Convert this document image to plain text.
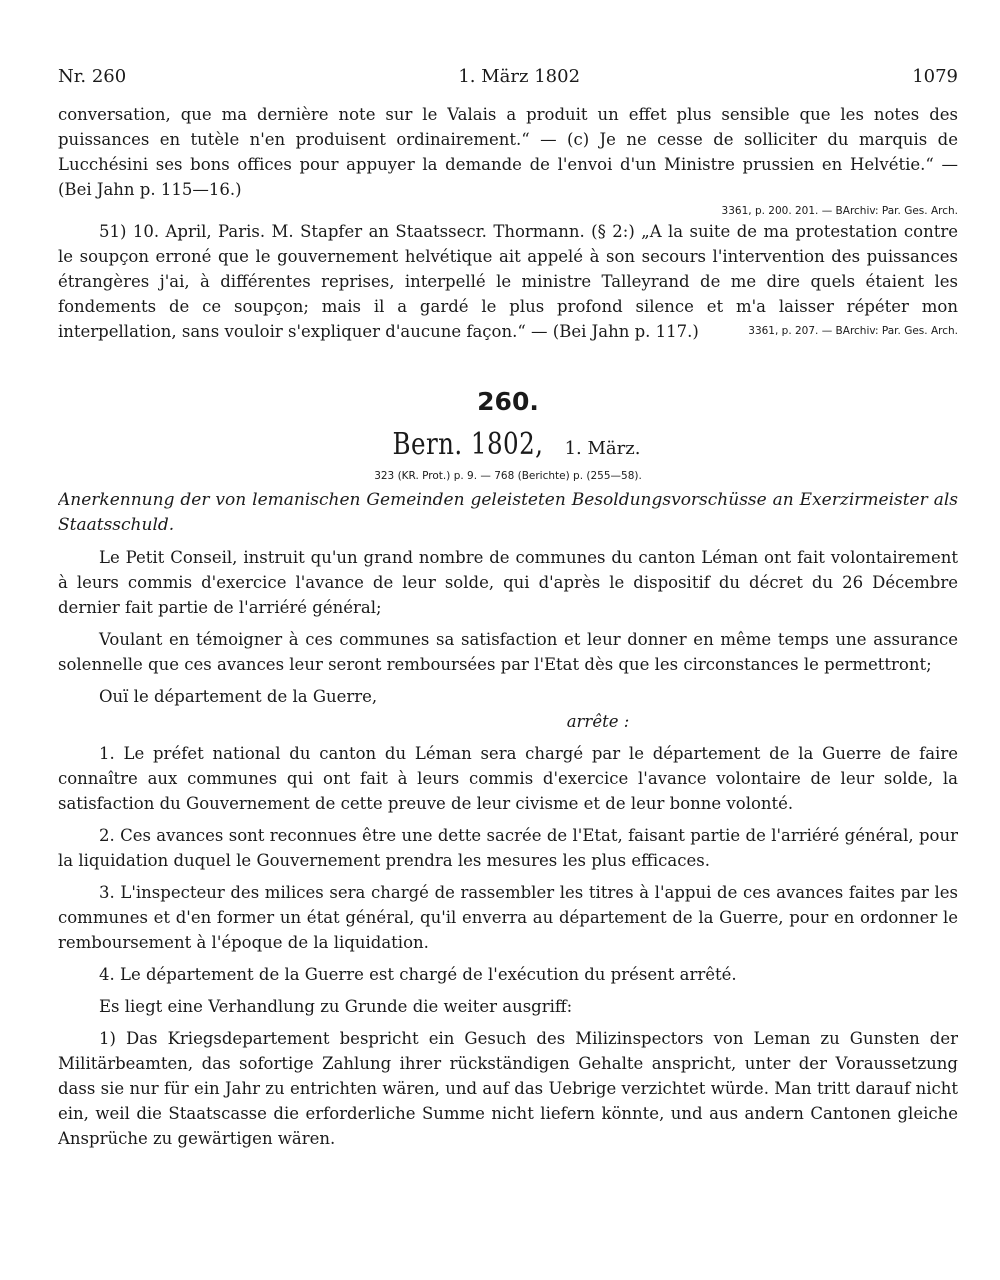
Nr. 260	1. März 1802	1079

conversation, que ma dernière note sur le Valais a produit un effet plus sensible que les notes des puissances en tutèle n'en produisent ordinairement.“ — (c) Je ne cesse de solliciter du marquis de Lucchésini ses bons offices pour appuyer la demande de l'envoi d'un Ministre prussien en Helvétie.“ — (Bei Jahn p. 115—16.)

3361, p. 200. 201. — BArchiv: Par. Ges. Arch.

51) 10. April, Paris. M. Stapfer an Staatssecr. Thormann. (§ 2:) „A la suite de ma protestation contre le soupçon erroné que le gouvernement helvétique ait appelé à son secours l'intervention des puissances étrangères j'ai, à différentes reprises, interpellé le ministre Talleyrand de me dire quels étaient les fondements de ce soupçon; mais il a gardé le plus profond silence et m'a laisser répéter mon interpellation, sans vouloir s'expliquer d'aucune façon.“ — (Bei Jahn p. 117.)	3361, p. 207. — BArchiv: Par. Ges. Arch.

260.
Bern. 1802, 1. März.
323 (KR. Prot.) p. 9. — 768 (Berichte) p. (255—58).
Anerkennung der von lemanischen Gemeinden geleisteten Besoldungsvorschüsse an Exerzirmeister als Staatsschuld.

Le Petit Conseil, instruit qu'un grand nombre de communes du canton Léman ont fait volontairement à leurs commis d'exercice l'avance de leur solde, qui d'après le dispositif du décret du 26 Décembre dernier fait partie de l'arriéré général;

Voulant en témoigner à ces communes sa satisfaction et leur donner en même temps une assurance solennelle que ces avances leur seront remboursées par l'Etat dès que les circonstances le permettront;

Ouï le département de la Guerre,

arrête :

1. Le préfet national du canton du Léman sera chargé par le département de la Guerre de faire connaître aux communes qui ont fait à leurs commis d'exercice l'avance volontaire de leur solde, la satisfaction du Gouvernement de cette preuve de leur civisme et de leur bonne volonté.

2. Ces avances sont reconnues être une dette sacrée de l'Etat, faisant partie de l'arriéré général, pour la liquidation duquel le Gouvernement prendra les mesures les plus efficaces.

3. L'inspecteur des milices sera chargé de rassembler les titres à l'appui de ces avances faites par les communes et d'en former un état général, qu'il enverra au département de la Guerre, pour en ordonner le remboursement à l'époque de la liquidation.

4. Le département de la Guerre est chargé de l'exécution du présent arrêté.

Es liegt eine Verhandlung zu Grunde die weiter ausgriff:

1) Das Kriegsdepartement bespricht ein Gesuch des Milizinspectors von Leman zu Gunsten der Militärbeamten, das sofortige Zahlung ihrer rückständigen Gehalte anspricht, unter der Voraussetzung dass sie nur für ein Jahr zu entrichten wären, und auf das Uebrige verzichtet würde. Man tritt darauf nicht ein, weil die Staatscasse die erforderliche Summe nicht liefern könnte, und aus andern Cantonen gleiche Ansprüche zu gewärtigen wären.
